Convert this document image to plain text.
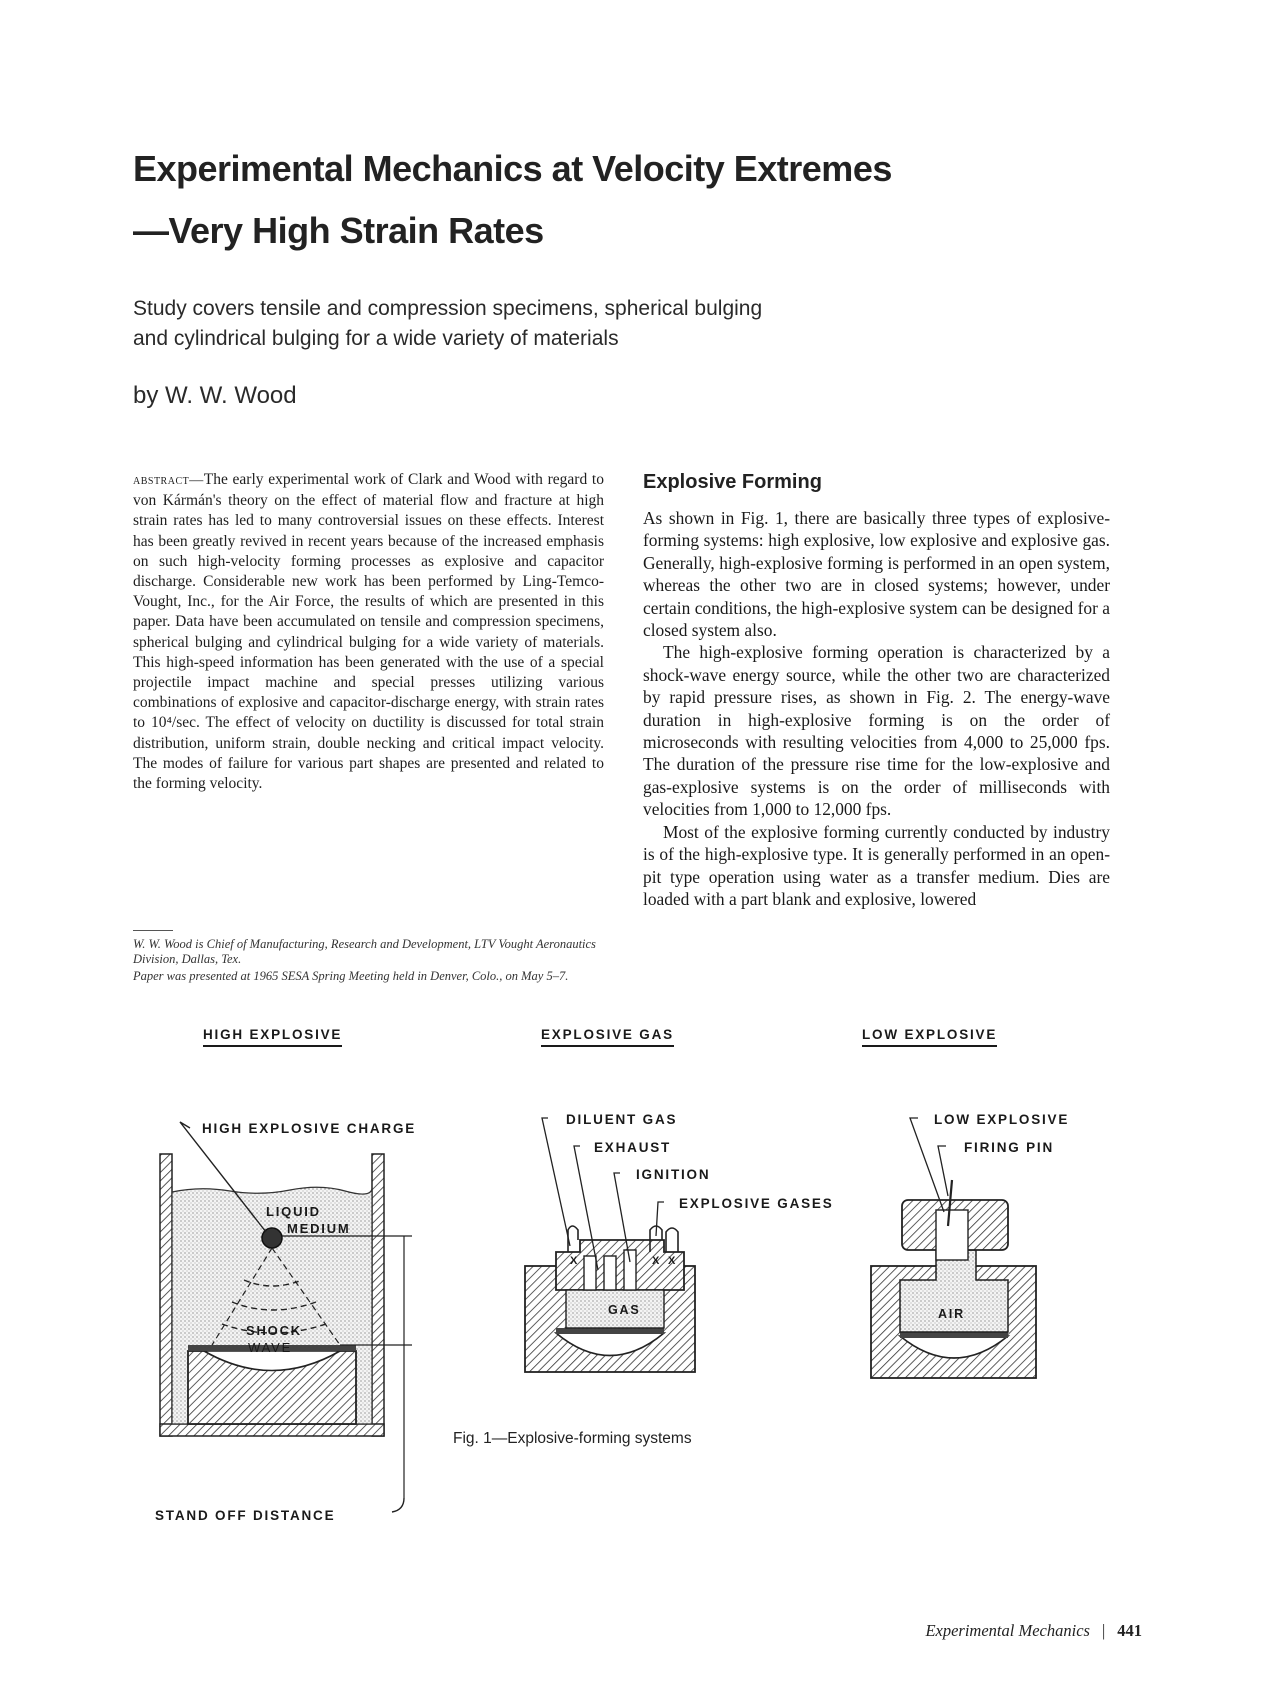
Experimental Mechanics at Velocity Extremes
—Very High Strain Rates
Study covers tensile and compression specimens, spherical bulging
and cylindrical bulging for a wide variety of materials
by W. W. Wood
abstract—The early experimental work of Clark and Wood with regard to von Kármán's theory on the effect of material flow and fracture at high strain rates has led to many controversial issues on these effects. Interest has been greatly revived in recent years because of the increased emphasis on such high-velocity forming processes as explosive and capacitor discharge. Considerable new work has been performed by Ling-Temco-Vought, Inc., for the Air Force, the results of which are presented in this paper. Data have been accumulated on tensile and compression specimens, spherical bulging and cylindrical bulging for a wide variety of materials. This high-speed information has been generated with the use of a special projectile impact machine and special presses utilizing various combinations of explosive and capacitor-discharge energy, with strain rates to 10⁴/sec. The effect of velocity on ductility is discussed for total strain distribution, uniform strain, double necking and critical impact velocity. The modes of failure for various part shapes are presented and related to the forming velocity.

W. W. Wood is Chief of Manufacturing, Research and Development, LTV Vought Aeronautics Division, Dallas, Tex.

Paper was presented at 1965 SESA Spring Meeting held in Denver, Colo., on May 5–7.

Explosive Forming

As shown in Fig. 1, there are basically three types of explosive-forming systems: high explosive, low explosive and explosive gas. Generally, high-explosive forming is performed in an open system, whereas the other two are in closed systems; however, under certain conditions, the high-explosive system can be designed for a closed system also.

The high-explosive forming operation is characterized by a shock-wave energy source, while the other two are characterized by rapid pressure rises, as shown in Fig. 2. The energy-wave duration in high-explosive forming is on the order of microseconds with resulting velocities from 4,000 to 25,000 fps. The duration of the pressure rise time for the low-explosive and gas-explosive systems is on the order of milliseconds with velocities from 1,000 to 12,000 fps.

Most of the explosive forming currently conducted by industry is of the high-explosive type. It is generally performed in an open-pit type operation using water as a transfer medium. Dies are loaded with a part blank and explosive, lowered

HIGH EXPLOSIVE	EXPLOSIVE GAS	LOW EXPLOSIVE
HIGH EXPLOSIVE CHARGE
LIQUID
MEDIUM
SHOCK
WAVE
STAND OFF DISTANCE
DILUENT GAS
EXHAUST
IGNITION
EXPLOSIVE GASES
GAS
X	X X
LOW EXPLOSIVE
FIRING PIN
AIR
Fig. 1—Explosive-forming systems
Experimental Mechanics | 441
